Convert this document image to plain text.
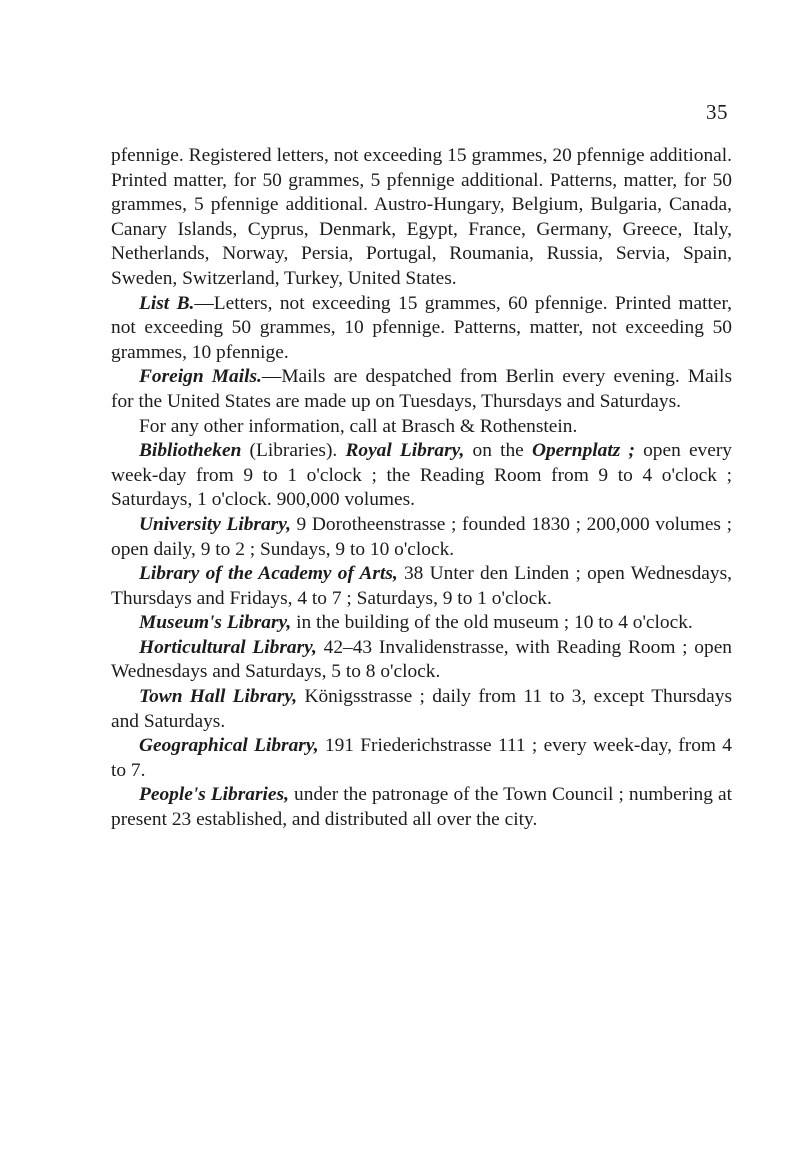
35

pfennige. Registered letters, not exceeding 15 grammes, 20 pfennige additional. Printed matter, for 50 grammes, 5 pfennige additional. Patterns, matter, for 50 grammes, 5 pfennige additional. Austro-Hungary, Belgium, Bulgaria, Canada, Canary Islands, Cyprus, Denmark, Egypt, France, Germany, Greece, Italy, Netherlands, Norway, Persia, Portugal, Roumania, Russia, Servia, Spain, Sweden, Switzerland, Turkey, United States.

List B.—Letters, not exceeding 15 grammes, 60 pfennige. Printed matter, not exceeding 50 grammes, 10 pfennige. Patterns, matter, not exceeding 50 grammes, 10 pfennige.

Foreign Mails.—Mails are despatched from Berlin every evening. Mails for the United States are made up on Tuesdays, Thursdays and Saturdays.

For any other information, call at Brasch & Rothenstein.

Bibliotheken (Libraries). Royal Library, on the Opernplatz ; open every week-day from 9 to 1 o'clock ; the Reading Room from 9 to 4 o'clock ; Saturdays, 1 o'clock. 900,000 volumes.

University Library, 9 Dorotheenstrasse ; founded 1830 ; 200,000 volumes ; open daily, 9 to 2 ; Sundays, 9 to 10 o'clock.

Library of the Academy of Arts, 38 Unter den Linden ; open Wednesdays, Thursdays and Fridays, 4 to 7 ; Saturdays, 9 to 1 o'clock.

Museum's Library, in the building of the old museum ; 10 to 4 o'clock.

Horticultural Library, 42–43 Invalidenstrasse, with Reading Room ; open Wednesdays and Saturdays, 5 to 8 o'clock.

Town Hall Library, Königsstrasse ; daily from 11 to 3, except Thursdays and Saturdays.

Geographical Library, 191 Friederichstrasse 111 ; every week-day, from 4 to 7.

People's Libraries, under the patronage of the Town Council ; numbering at present 23 established, and distributed all over the city.
